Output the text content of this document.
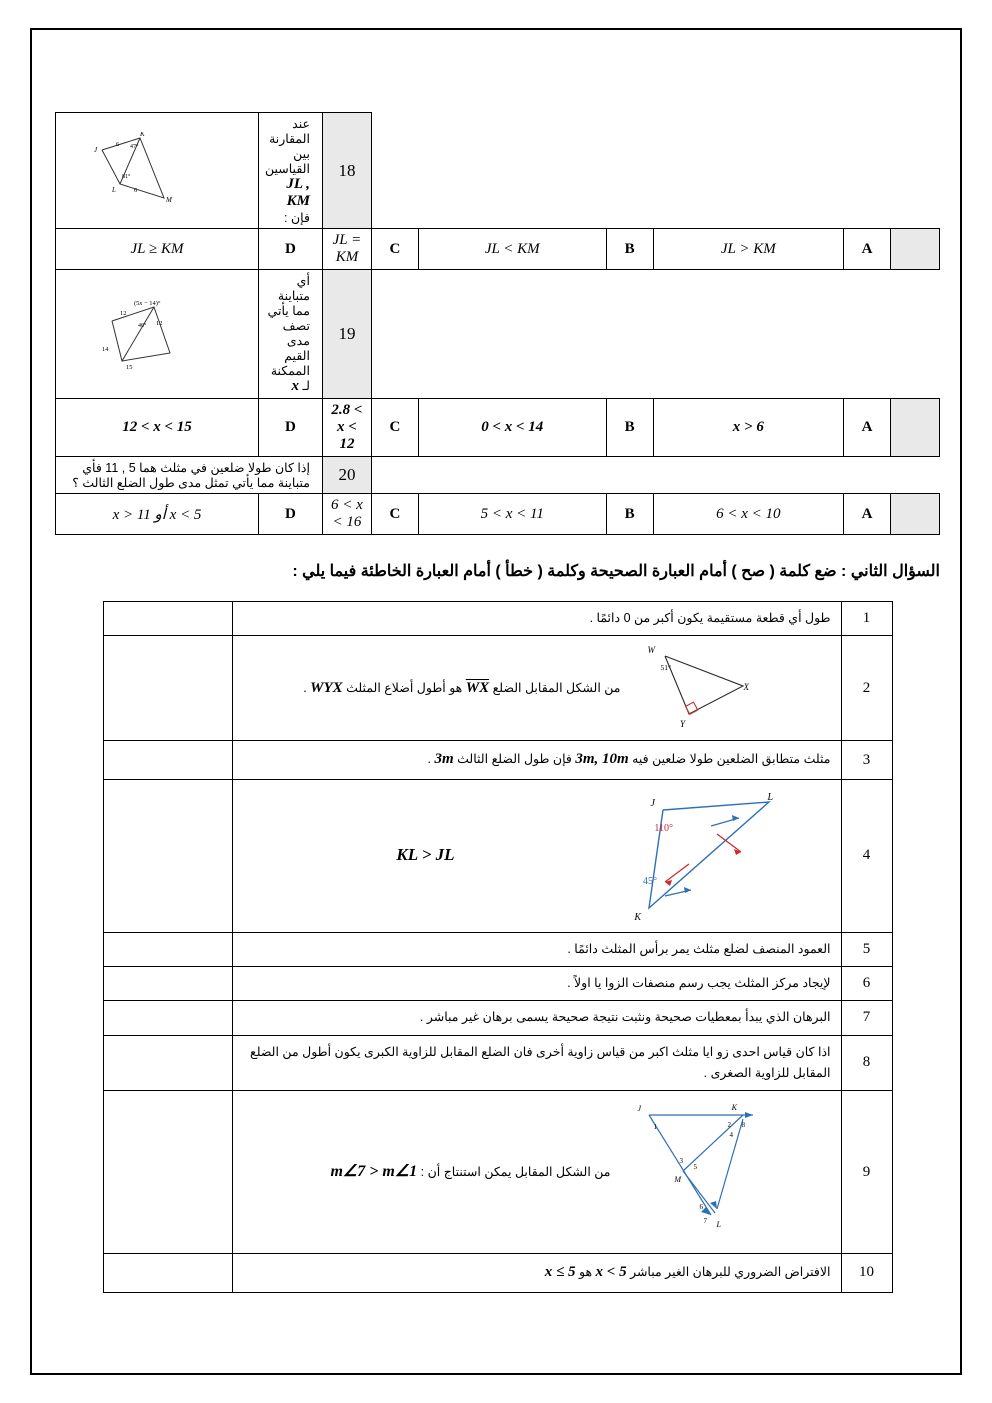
J
K
L
M
6 47°
81°
6
	عند المقارنة بين القياسين JL , KM فإن :	18
JL ≥ KM	D	JL = KM	C	JL < KM	B	JL > KM	A	

(5x − 14)°
12
46° 12
14
15
	أي متباينة مما يأتي تصف مدى القيم الممكنة لـ x	19
12 < x < 15	D	2.8 < x < 12	C	0 < x < 14	B	x > 6	A	
إذا كان طولا ضلعين في مثلث هما 5 , 11 فأي متباينة مما يأتي تمثل مدى طول الضلع الثالث ؟		20						
x > 11 أو x < 5	D	6 < x < 16	C	5 < x < 11	B	6 < x < 10	A	
السؤال الثاني : ضع كلمة ( صح ) أمام العبارة الصحيحة وكلمة ( خطأ ) أمام العبارة الخاطئة فيما يلي :
	طول أي قطعة مستقيمة يكون أكبر من 0 دائمًا .	1

W
X
Y
51°
من الشكل المقابل الضلع WX هو أطول أضلاع المثلث WYX .	2
	مثلث متطابق الضلعين طولا ضلعين فيه 3m, 10m فإن طول الضلع الثالث 3m .	3

J
L
K
110°
45°
KL > JL	4
	العمود المنصف لضلع مثلث يمر برأس المثلث دائمًا .	5
	لإيجاد مركز المثلث يجب رسم منصفات الزوا يا اولاً .	6
	البرهان الذي يبدأ بمعطيات صحيحة ونثبت نتيجة صحيحة يسمى برهان غير مباشر .	7
	اذا كان قياس احدى زو ايا مثلث اكبر من قياس زاوية أخرى فان الضلع المقابل للزاوية الكبرى يكون أطول من الضلع المقابل للزاوية الصغرى .	8

J	K
M
L
1	2 8
4
3
5
6
7
من الشكل المقابل يمكن استنتاج أن : m∠7 > m∠1	9
	الافتراض الضروري للبرهان الغير مباشر x < 5 هو x ≤ 5	10
